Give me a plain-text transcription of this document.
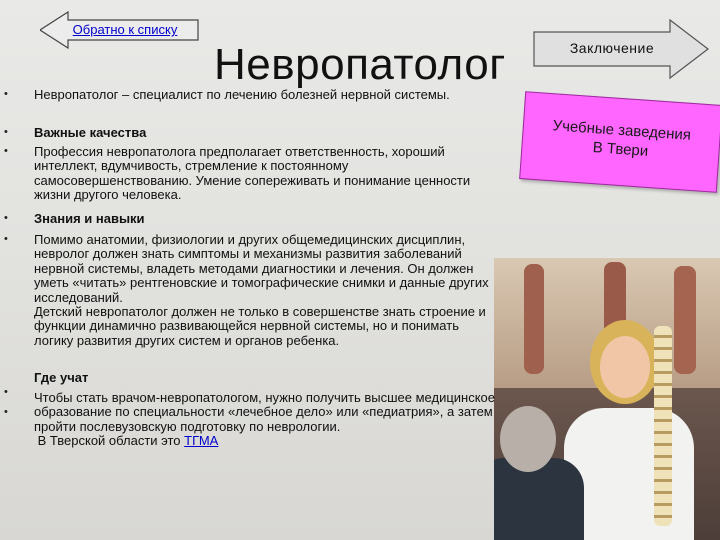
Обратно к списку
Невропатолог	Заключение
Учебные заведения
В Твери
•
•
•
•
•
•
•

Невропатолог – специалист по лечению болезней нервной системы.

Важные качества

Профессия невропатолога предполагает ответственность, хороший интеллект, вдумчивость, стремление к постоянному самосовершенствованию. Умение сопереживать и понимание ценности жизни другого человека.

Знания и навыки

Помимо анатомии, физиологии и других общемедицинских дисциплин, невролог должен знать симптомы и механизмы развития заболеваний нервной системы, владеть методами диагностики и лечения. Он должен уметь «читать» рентгеновские и томографические снимки и данные других исследований.

Детский невропатолог должен не только в совершенстве знать строение и функции динамично развивающейся нервной системы, но и понимать логику развития других систем и органов ребенка.

Где учат

Чтобы стать врачом-невропатологом, нужно получить высшее медицинское образование по специальности «лечебное дело» или «педиатрия», а затем пройти послевузовскую подготовку по неврологии.

В Тверской области это ТГМА
